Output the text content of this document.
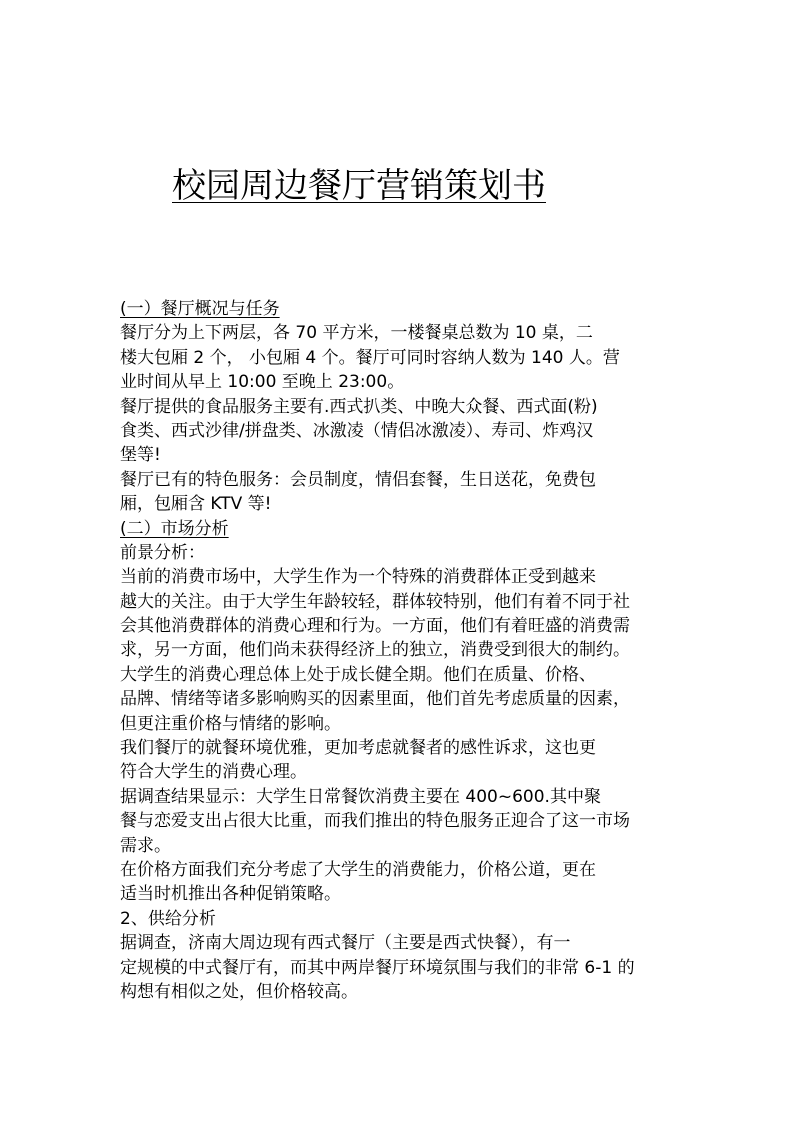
校园周边餐厅营销策划书
(一）餐厅概况与任务
餐厅分为上下两层，各 70 平方米，一楼餐桌总数为 10 桌，二
楼大包厢 2 个， 小包厢 4 个。餐厅可同时容纳人数为 140 人。营
业时间从早上 10:00 至晚上 23:00。
餐厅提供的食品服务主要有.西式扒类、中晚大众餐、西式面(粉)
食类、西式沙律/拼盘类、冰激凌（情侣冰激凌）、寿司、炸鸡汉
堡等!
餐厅已有的特色服务：会员制度，情侣套餐，生日送花，免费包
厢，包厢含 KTV 等!
(二）市场分析
前景分析：
当前的消费市场中，大学生作为一个特殊的消费群体正受到越来
越大的关注。由于大学生年龄较轻，群体较特别，他们有着不同于社
会其他消费群体的消费心理和行为。一方面，他们有着旺盛的消费需
求，另一方面，他们尚未获得经济上的独立，消费受到很大的制约。
大学生的消费心理总体上处于成长健全期。他们在质量、价格、
品牌、情绪等诸多影响购买的因素里面，他们首先考虑质量的因素，
但更注重价格与情绪的影响。
我们餐厅的就餐环境优雅，更加考虑就餐者的感性诉求，这也更
符合大学生的消费心理。
据调查结果显示：大学生日常餐饮消费主要在 400~600.其中聚
餐与恋爱支出占很大比重，而我们推出的特色服务正迎合了这一市场
需求。
在价格方面我们充分考虑了大学生的消费能力，价格公道，更在
适当时机推出各种促销策略。
2、供给分析
据调查，济南大周边现有西式餐厅（主要是西式快餐），有一
定规模的中式餐厅有，而其中两岸餐厅环境氛围与我们的非常 6-1 的
构想有相似之处，但价格较高。
